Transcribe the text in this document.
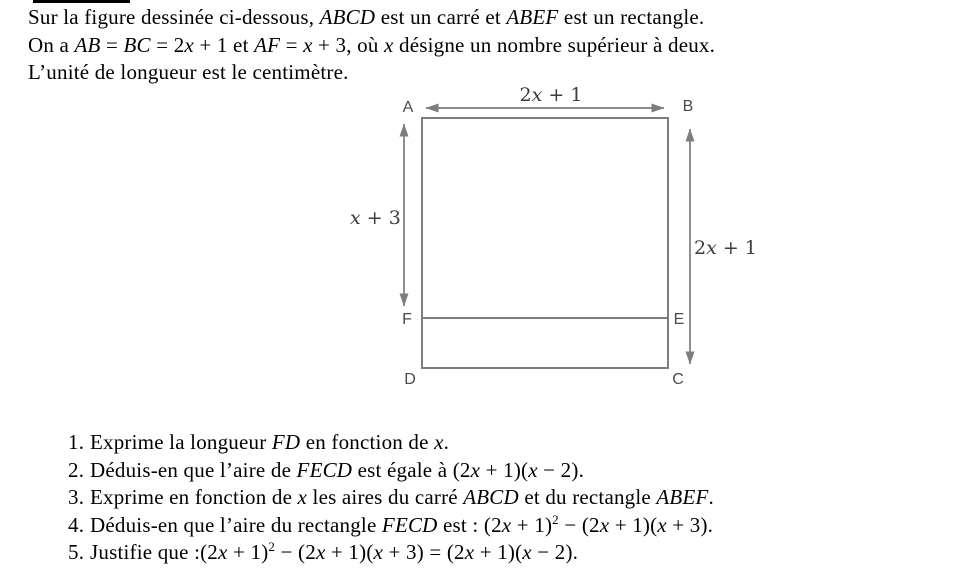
Sur la figure dessinée ci-dessous, ABCD est un carré et ABEF est un rectangle.
On a AB = BC = 2x + 1 et AF = x + 3, où x désigne un nombre supérieur à deux.
L’unité de longueur est le centimètre.
A	B
F	E
D	C
2x + 1
x + 3
2x + 1
1. Exprime la longueur FD en fonction de x.
2. Déduis-en que l’aire de FECD est égale à (2x + 1)(x − 2).
3. Exprime en fonction de x les aires du carré ABCD et du rectangle ABEF.
4. Déduis-en que l’aire du rectangle FECD est : $(2x + 1)^2 - (2x + 1)(x + 3)$.
5. Justifie que :(2x + 1)$^2$ − (2x + 1)(x + 3) = (2x + 1)(x − 2).
